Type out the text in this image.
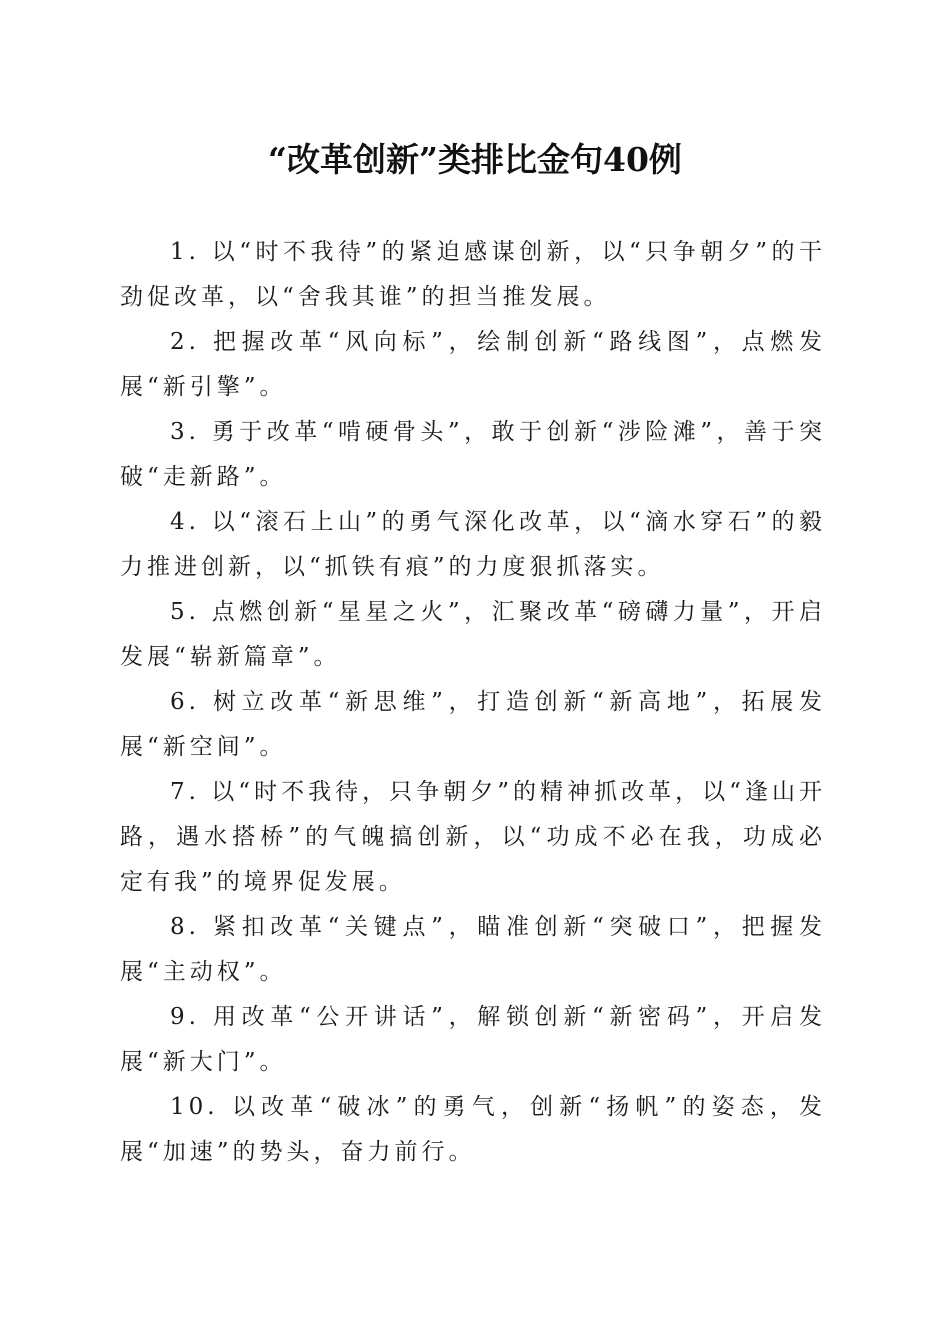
“改革创新”类排比金句40例

1. 以“时不我待”的紧迫感谋创新，以“只争朝夕”的干劲促改革，以“舍我其谁”的担当推发展。

2. 把握改革“风向标”，绘制创新“路线图”，点燃发展“新引擎”。

3. 勇于改革“啃硬骨头”，敢于创新“涉险滩”，善于突破“走新路”。

4. 以“滚石上山”的勇气深化改革，以“滴水穿石”的毅力推进创新，以“抓铁有痕”的力度狠抓落实。

5. 点燃创新“星星之火”，汇聚改革“磅礴力量”，开启发展“崭新篇章”。

6. 树立改革“新思维”，打造创新“新高地”，拓展发展“新空间”。

7. 以“时不我待，只争朝夕”的精神抓改革，以“逢山开路，遇水搭桥”的气魄搞创新，以“功成不必在我，功成必定有我”的境界促发展。

8. 紧扣改革“关键点”，瞄准创新“突破口”，把握发展“主动权”。

9. 用改革“公开讲话”，解锁创新“新密码”，开启发展“新大门”。

10. 以改革“破冰”的勇气，创新“扬帆”的姿态，发展“加速”的势头，奋力前行。
